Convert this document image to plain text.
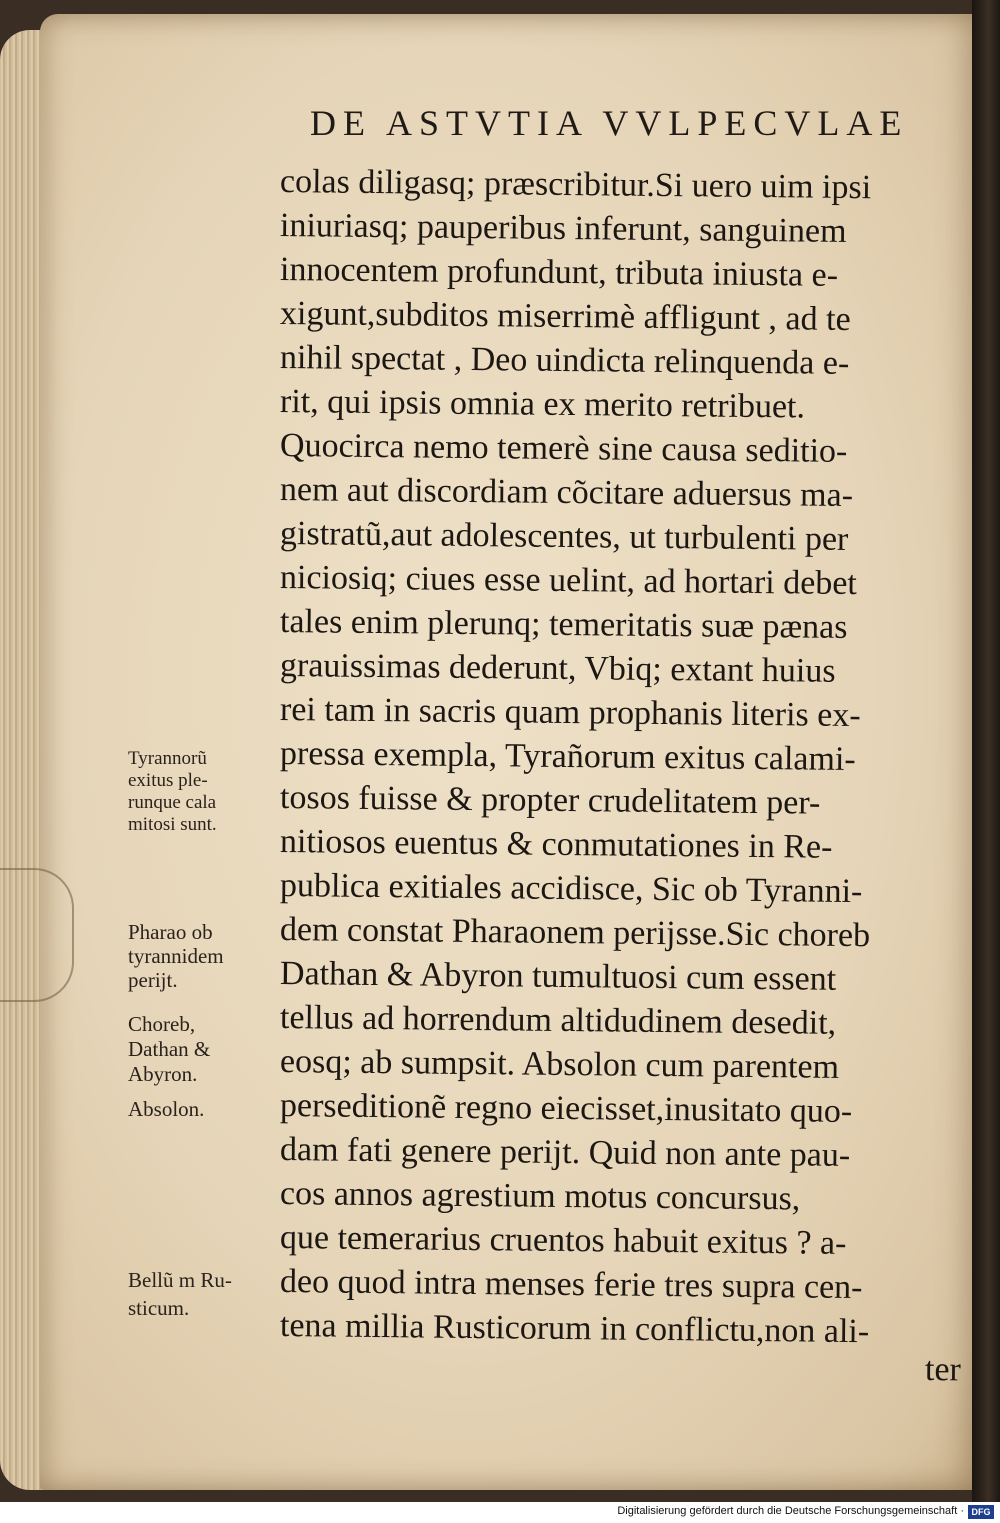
DE ASTVTIA VVLPECVLAE
colas diligasq; præscribitur.Si uero uim ipsi
iniuriasq; pauperibus inferunt, sanguinem
innocentem profundunt, tributa iniusta e-
xigunt,subditos miserrimè affligunt , ad te
nihil spectat , Deo uindicta relinquenda e-
rit, qui ipsis omnia ex merito retribuet.
Quocirca nemo temerè sine causa seditio-
nem aut discordiam cõcitare aduersus ma-
gistratũ,aut adolescentes, ut turbulenti per
niciosiq; ciues esse uelint, ad hortari debet
tales enim plerunq; temeritatis suæ pænas
grauissimas dederunt, Vbiq; extant huius
rei tam in sacris quam prophanis literis ex-
pressa exempla, Tyrañorum exitus calami-
tosos fuisse & propter crudelitatem per-
nitiosos euentus & conmutationes in Re-
publica exitiales accidisce, Sic ob Tyranni-
dem constat Pharaonem perijsse.Sic choreb
Dathan & Abyron tumultuosi cum essent
tellus ad horrendum altidudinem desedit,
eosq; ab sumpsit. Absolon cum parentem
perseditionẽ regno eiecisset,inusitato quo-
dam fati genere perijt. Quid non ante pau-
cos annos agrestium motus concursus,
que temerarius cruentos habuit exitus ? a-
deo quod intra menses ferie tres supra cen-
tena millia Rusticorum in conflictu,non ali-
ter
Tyrannorũ
exitus ple-
runque cala
mitosi sunt.
Pharao ob
tyrannidem
perijt.
Choreb,
Dathan &
Abyron.
Absolon.
Bellũ m Ru-
sticum.
Digitalisierung gefördert durch die Deutsche Forschungsgemeinschaft · DFG
